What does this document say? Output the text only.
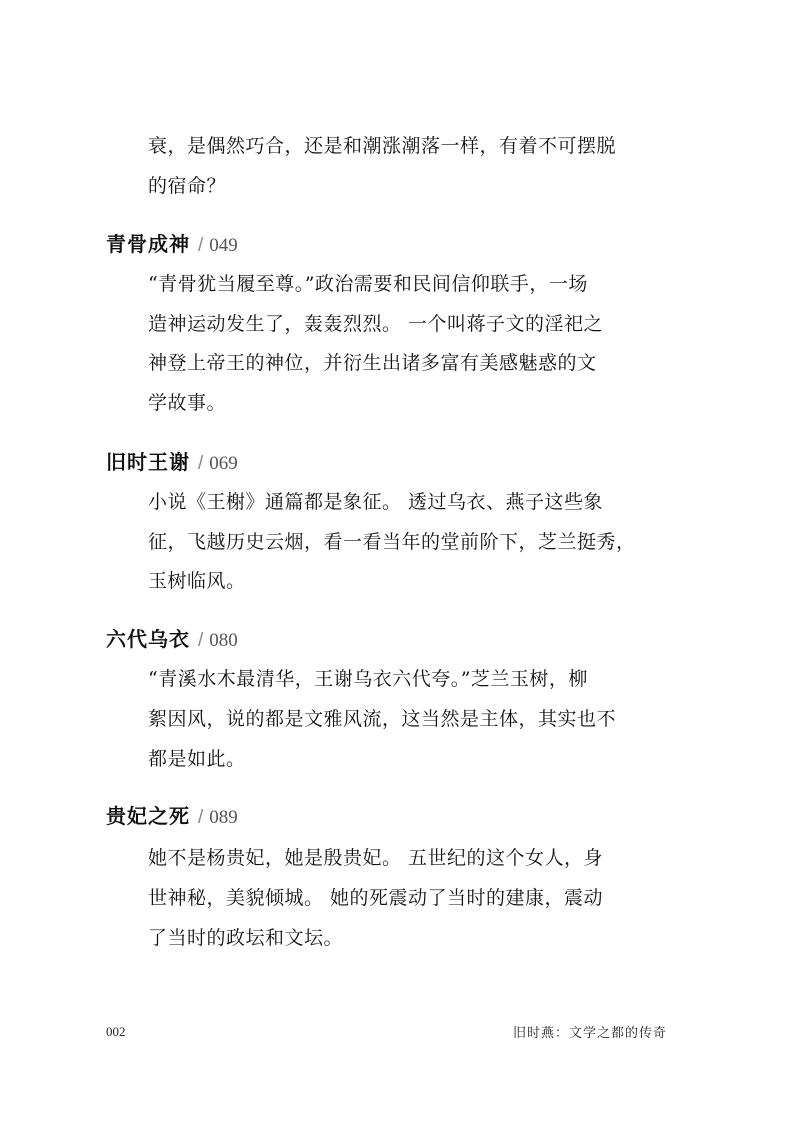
衰，是偶然巧合，还是和潮涨潮落一样，有着不可摆脱
的宿命？
青骨成神 / 049
“青骨犹当履至尊。”政治需要和民间信仰联手，一场
造神运动发生了，轰轰烈烈。 一个叫蒋子文的淫祀之
神登上帝王的神位，并衍生出诸多富有美感魅惑的文
学故事。
旧时王谢 / 069
小说《王榭》通篇都是象征。 透过乌衣、燕子这些象
征，飞越历史云烟，看一看当年的堂前阶下，芝兰挺秀，
玉树临风。
六代乌衣 / 080
“青溪水木最清华，王谢乌衣六代夸。”芝兰玉树，柳
絮因风，说的都是文雅风流，这当然是主体，其实也不
都是如此。
贵妃之死 / 089
她不是杨贵妃，她是殷贵妃。 五世纪的这个女人，身
世神秘，美貌倾城。 她的死震动了当时的建康，震动
了当时的政坛和文坛。
002	旧时燕：文学之都的传奇
